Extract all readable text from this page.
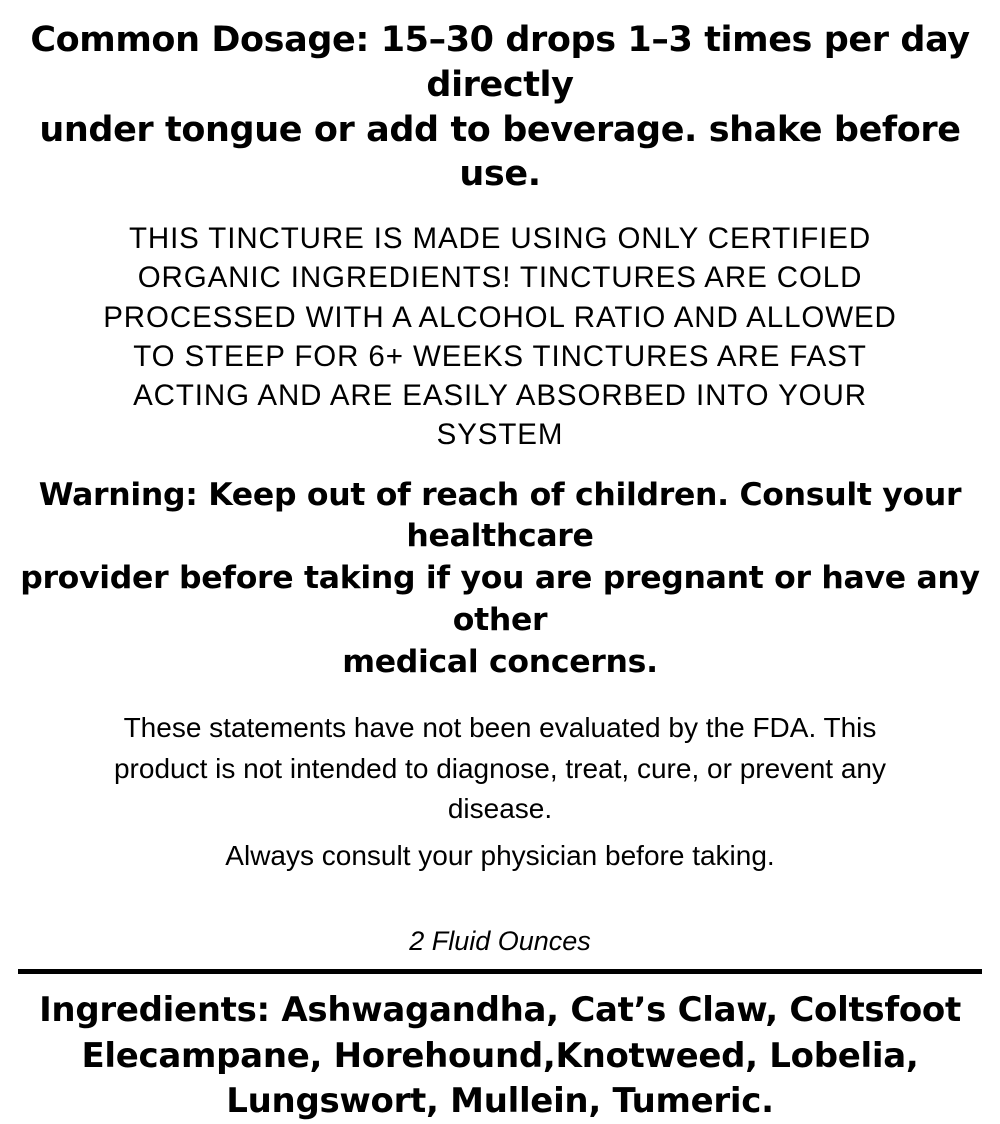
Common Dosage: 15–30 drops 1–3 times per day directly
under tongue or add to beverage. shake before use.
THIS TINCTURE IS MADE USING ONLY CERTIFIED
ORGANIC INGREDIENTS! TINCTURES ARE COLD
PROCESSED WITH A ALCOHOL RATIO AND ALLOWED
TO STEEP FOR 6+ WEEKS TINCTURES ARE FAST
ACTING AND ARE EASILY ABSORBED INTO YOUR
SYSTEM
Warning: Keep out of reach of children. Consult your healthcare
provider before taking if you are pregnant or have any other
medical concerns.
These statements have not been evaluated by the FDA. This
product is not intended to diagnose, treat, cure, or prevent any
disease.
Always consult your physician before taking.
2 Fluid Ounces
Ingredients: Ashwagandha, Cat’s Claw, Coltsfoot
Elecampane, Horehound,Knotweed, Lobelia,
Lungswort, Mullein, Tumeric.
